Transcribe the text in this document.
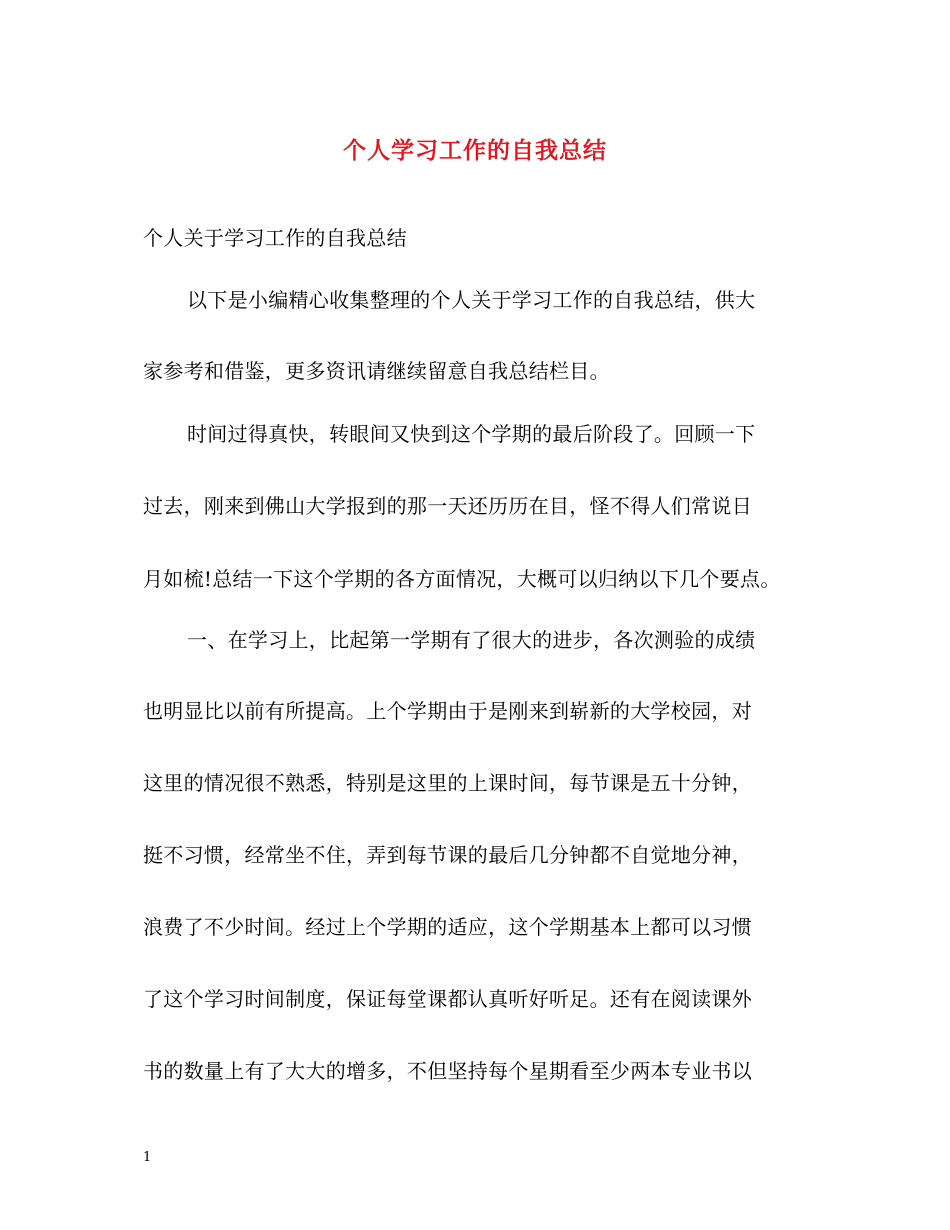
个人学习工作的自我总结
个人关于学习工作的自我总结
以下是小编精心收集整理的个人关于学习工作的自我总结，供大
家参考和借鉴，更多资讯请继续留意自我总结栏目。
时间过得真快，转眼间又快到这个学期的最后阶段了。回顾一下
过去，刚来到佛山大学报到的那一天还历历在目，怪不得人们常说日
月如梳!总结一下这个学期的各方面情况，大概可以归纳以下几个要点。
一、在学习上，比起第一学期有了很大的进步，各次测验的成绩
也明显比以前有所提高。上个学期由于是刚来到崭新的大学校园，对
这里的情况很不熟悉，特别是这里的上课时间，每节课是五十分钟，
挺不习惯，经常坐不住，弄到每节课的最后几分钟都不自觉地分神，
浪费了不少时间。经过上个学期的适应，这个学期基本上都可以习惯
了这个学习时间制度，保证每堂课都认真听好听足。还有在阅读课外
书的数量上有了大大的增多，不但坚持每个星期看至少两本专业书以
1
